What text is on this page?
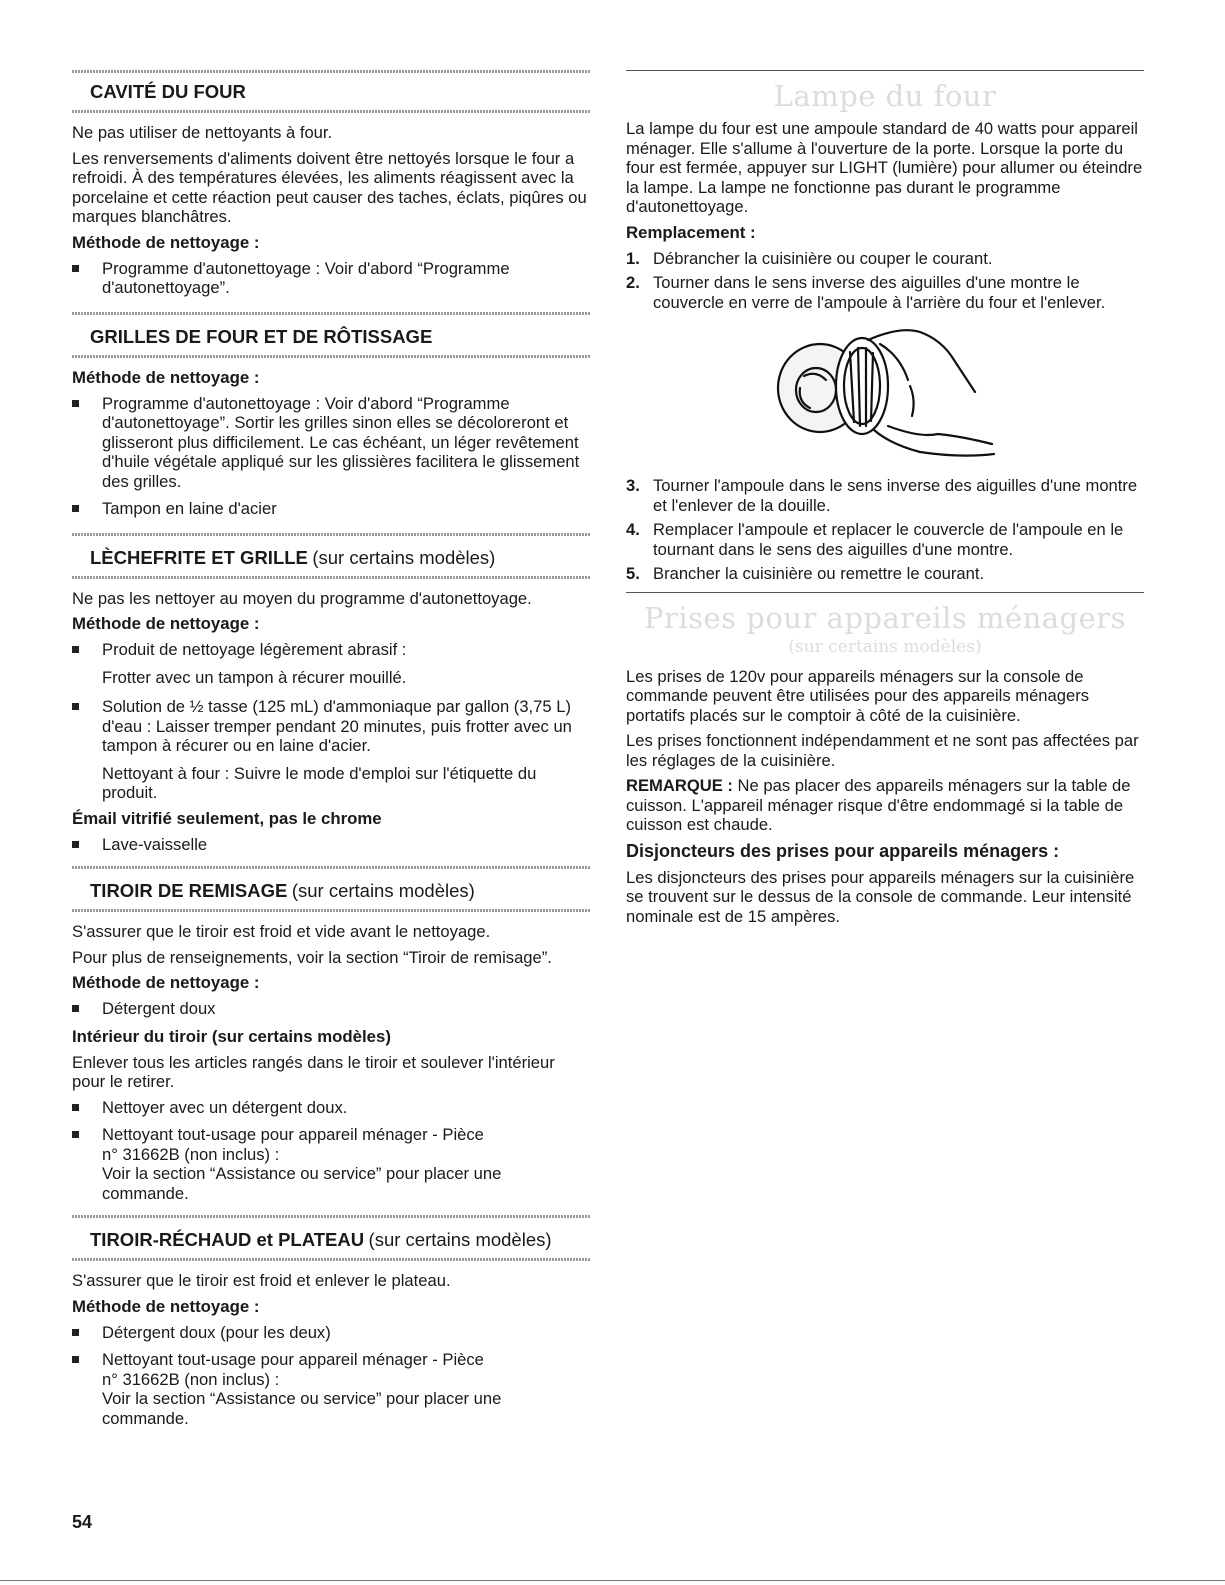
CAVITÉ DU FOUR

Ne pas utiliser de nettoyants à four.

Les renversements d'aliments doivent être nettoyés lorsque le four a refroidi. À des températures élevées, les aliments réagissent avec la porcelaine et cette réaction peut causer des taches, éclats, piqûres ou marques blanchâtres.

Méthode de nettoyage :
Programme d'autonettoyage : Voir d'abord “Programme d'autonettoyage”.
GRILLES DE FOUR ET DE RÔTISSAGE
Méthode de nettoyage :
Programme d'autonettoyage : Voir d'abord “Programme d'autonettoyage”. Sortir les grilles sinon elles se décoloreront et glisseront plus difficilement. Le cas échéant, un léger revêtement d'huile végétale appliqué sur les glissières facilitera le glissement des grilles.
Tampon en laine d'acier
LÈCHEFRITE ET GRILLE (sur certains modèles)

Ne pas les nettoyer au moyen du programme d'autonettoyage.

Méthode de nettoyage :
Produit de nettoyage légèrement abrasif :

Frotter avec un tampon à récurer mouillé.

Solution de ½ tasse (125 mL) d'ammoniaque par gallon (3,75 L) d'eau : Laisser tremper pendant 20 minutes, puis frotter avec un tampon à récurer ou en laine d'acier.

Nettoyant à four : Suivre le mode d'emploi sur l'étiquette du produit.

Émail vitrifié seulement, pas le chrome
Lave-vaisselle
TIROIR DE REMISAGE (sur certains modèles)

S'assurer que le tiroir est froid et vide avant le nettoyage.

Pour plus de renseignements, voir la section “Tiroir de remisage”.

Méthode de nettoyage :
Détergent doux
Intérieur du tiroir (sur certains modèles)

Enlever tous les articles rangés dans le tiroir et soulever l'intérieur pour le retirer.

Nettoyer avec un détergent doux.
Nettoyant tout-usage pour appareil ménager - Pièce
n° 31662B (non inclus) :
Voir la section “Assistance ou service” pour placer une commande.
TIROIR-RÉCHAUD et PLATEAU (sur certains modèles)

S'assurer que le tiroir est froid et enlever le plateau.

Méthode de nettoyage :
Détergent doux (pour les deux)
Nettoyant tout-usage pour appareil ménager - Pièce
n° 31662B (non inclus) :
Voir la section “Assistance ou service” pour placer une commande.
Lampe du four

La lampe du four est une ampoule standard de 40 watts pour appareil ménager. Elle s'allume à l'ouverture de la porte. Lorsque la porte du four est fermée, appuyer sur LIGHT (lumière) pour allumer ou éteindre la lampe. La lampe ne fonctionne pas durant le programme d'autonettoyage.

Remplacement :
1. Débrancher la cuisinière ou couper le courant.
2. Tourner dans le sens inverse des aiguilles d'une montre le couvercle en verre de l'ampoule à l'arrière du four et l'enlever.
3. Tourner l'ampoule dans le sens inverse des aiguilles d'une montre et l'enlever de la douille.
4. Remplacer l'ampoule et replacer le couvercle de l'ampoule en le tournant dans le sens des aiguilles d'une montre.
5. Brancher la cuisinière ou remettre le courant.
Prises pour appareils ménagers
(sur certains modèles)

Les prises de 120v pour appareils ménagers sur la console de commande peuvent être utilisées pour des appareils ménagers portatifs placés sur le comptoir à côté de la cuisinière.

Les prises fonctionnent indépendamment et ne sont pas affectées par les réglages de la cuisinière.

REMARQUE : Ne pas placer des appareils ménagers sur la table de cuisson. L'appareil ménager risque d'être endommagé si la table de cuisson est chaude.

Disjoncteurs des prises pour appareils ménagers :

Les disjoncteurs des prises pour appareils ménagers sur la cuisinière se trouvent sur le dessus de la console de commande. Leur intensité nominale est de 15 ampères.

54
